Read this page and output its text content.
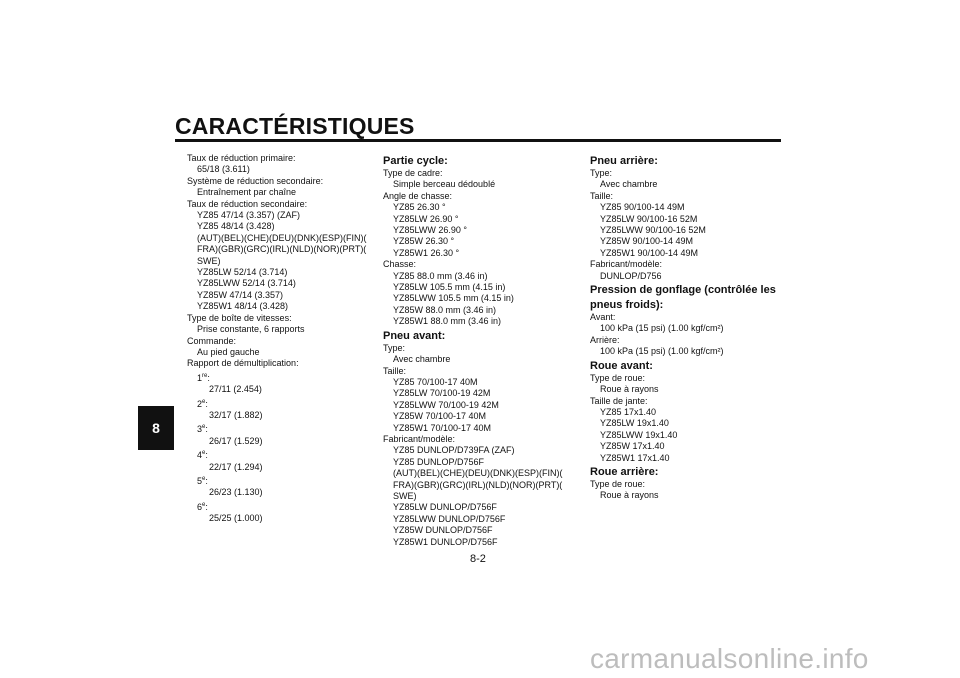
CARACTÉRISTIQUES
8
Taux de réduction primaire:
65/18 (3.611)
Système de réduction secondaire:
Entraînement par chaîne
Taux de réduction secondaire:
YZ85 47/14 (3.357) (ZAF)
YZ85 48/14 (3.428)
(AUT)(BEL)(CHE)(DEU)(DNK)(ESP)(FIN)(
FRA)(GBR)(GRC)(IRL)(NLD)(NOR)(PRT)(
SWE)
YZ85LW 52/14 (3.714)
YZ85LWW 52/14 (3.714)
YZ85W 47/14 (3.357)
YZ85W1 48/14 (3.428)
Type de boîte de vitesses:
Prise constante, 6 rapports
Commande:
Au pied gauche
Rapport de démultiplication:
1re:
27/11 (2.454)
2e:
32/17 (1.882)
3e:
26/17 (1.529)
4e:
22/17 (1.294)
5e:
26/23 (1.130)
6e:
25/25 (1.000)
Partie cycle:
Type de cadre:
Simple berceau dédoublé
Angle de chasse:
YZ85 26.30 °
YZ85LW 26.90 °
YZ85LWW 26.90 °
YZ85W 26.30 °
YZ85W1 26.30 °
Chasse:
YZ85 88.0 mm (3.46 in)
YZ85LW 105.5 mm (4.15 in)
YZ85LWW 105.5 mm (4.15 in)
YZ85W 88.0 mm (3.46 in)
YZ85W1 88.0 mm (3.46 in)
Pneu avant:
Type:
Avec chambre
Taille:
YZ85 70/100-17 40M
YZ85LW 70/100-19 42M
YZ85LWW 70/100-19 42M
YZ85W 70/100-17 40M
YZ85W1 70/100-17 40M
Fabricant/modèle:
YZ85 DUNLOP/D739FA (ZAF)
YZ85 DUNLOP/D756F
(AUT)(BEL)(CHE)(DEU)(DNK)(ESP)(FIN)(
FRA)(GBR)(GRC)(IRL)(NLD)(NOR)(PRT)(
SWE)
YZ85LW DUNLOP/D756F
YZ85LWW DUNLOP/D756F
YZ85W DUNLOP/D756F
YZ85W1 DUNLOP/D756F
Pneu arrière:
Type:
Avec chambre
Taille:
YZ85 90/100-14 49M
YZ85LW 90/100-16 52M
YZ85LWW 90/100-16 52M
YZ85W 90/100-14 49M
YZ85W1 90/100-14 49M
Fabricant/modèle:
DUNLOP/D756
Pression de gonflage (contrôlée les
pneus froids):
Avant:
100 kPa (15 psi) (1.00 kgf/cm²)
Arrière:
100 kPa (15 psi) (1.00 kgf/cm²)
Roue avant:
Type de roue:
Roue à rayons
Taille de jante:
YZ85 17x1.40
YZ85LW 19x1.40
YZ85LWW 19x1.40
YZ85W 17x1.40
YZ85W1 17x1.40
Roue arrière:
Type de roue:
Roue à rayons
8-2
carmanualsonline.info
